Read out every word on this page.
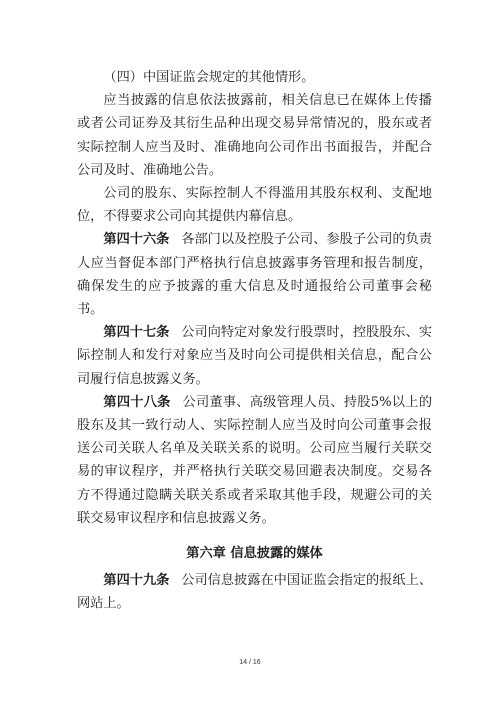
（四）中国证监会规定的其他情形。

应当披露的信息依法披露前，相关信息已在媒体上传播或者公司证券及其衍生品种出现交易异常情况的，股东或者实际控制人应当及时、准确地向公司作出书面报告，并配合公司及时、准确地公告。

公司的股东、实际控制人不得滥用其股东权利、支配地位，不得要求公司向其提供内幕信息。

第四十六条 各部门以及控股子公司、参股子公司的负责人应当督促本部门严格执行信息披露事务管理和报告制度，确保发生的应予披露的重大信息及时通报给公司董事会秘书。

第四十七条 公司向特定对象发行股票时，控股股东、实际控制人和发行对象应当及时向公司提供相关信息，配合公司履行信息披露义务。

第四十八条 公司董事、高级管理人员、持股5%以上的股东及其一致行动人、实际控制人应当及时向公司董事会报送公司关联人名单及关联关系的说明。公司应当履行关联交易的审议程序，并严格执行关联交易回避表决制度。交易各方不得通过隐瞒关联关系或者采取其他手段，规避公司的关联交易审议程序和信息披露义务。

第六章 信息披露的媒体

第四十九条 公司信息披露在中国证监会指定的报纸上、网站上。

14 / 16
